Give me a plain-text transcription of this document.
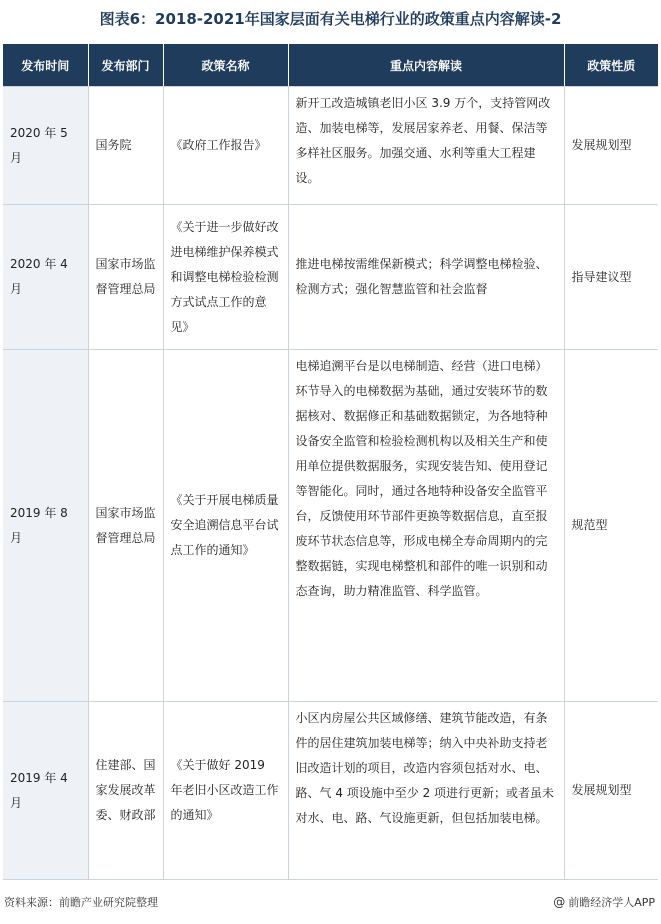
图表6：2018-2021年国家层面有关电梯行业的政策重点内容解读-2
发布时间	发布部门	政策名称	重点内容解读	政策性质
2020 年 5 月	国务院	《政府工作报告》	新开工改造城镇老旧小区 3.9 万个，支持管网改造、加装电梯等，发展居家养老、用餐、保洁等多样社区服务。加强交通、水利等重大工程建设。	发展规划型
2020 年 4 月	国家市场监督管理总局	《关于进一步做好改进电梯维护保养模式和调整电梯检验检测方式试点工作的意见》	推进电梯按需维保新模式；科学调整电梯检验、检测方式；强化智慧监管和社会监督	指导建议型
2019 年 8 月	国家市场监督管理总局	《关于开展电梯质量安全追溯信息平台试点工作的通知》	电梯追溯平台是以电梯制造、经营（进口电梯）环节导入的电梯数据为基础，通过安装环节的数据核对、数据修正和基础数据锁定，为各地特种设备安全监管和检验检测机构以及相关生产和使用单位提供数据服务，实现安装告知、使用登记等智能化。同时，通过各地特种设备安全监管平台，反馈使用环节部件更换等数据信息，直至报废环节状态信息等，形成电梯全寿命周期内的完整数据链，实现电梯整机和部件的唯一识别和动态查询，助力精准监管、科学监管。	规范型
2019 年 4 月	住建部、国家发展改革委、财政部	《关于做好 2019 年老旧小区改造工作的通知》	小区内房屋公共区域修缮、建筑节能改造，有条件的居住建筑加装电梯等；纳入中央补助支持老旧改造计划的项目，改造内容须包括对水、电、路、气 4 项设施中至少 2 项进行更新；或者虽未对水、电、路、气设施更新，但包括加装电梯。	发展规划型
资料来源：前瞻产业研究院整理	@ 前瞻经济学人APP
